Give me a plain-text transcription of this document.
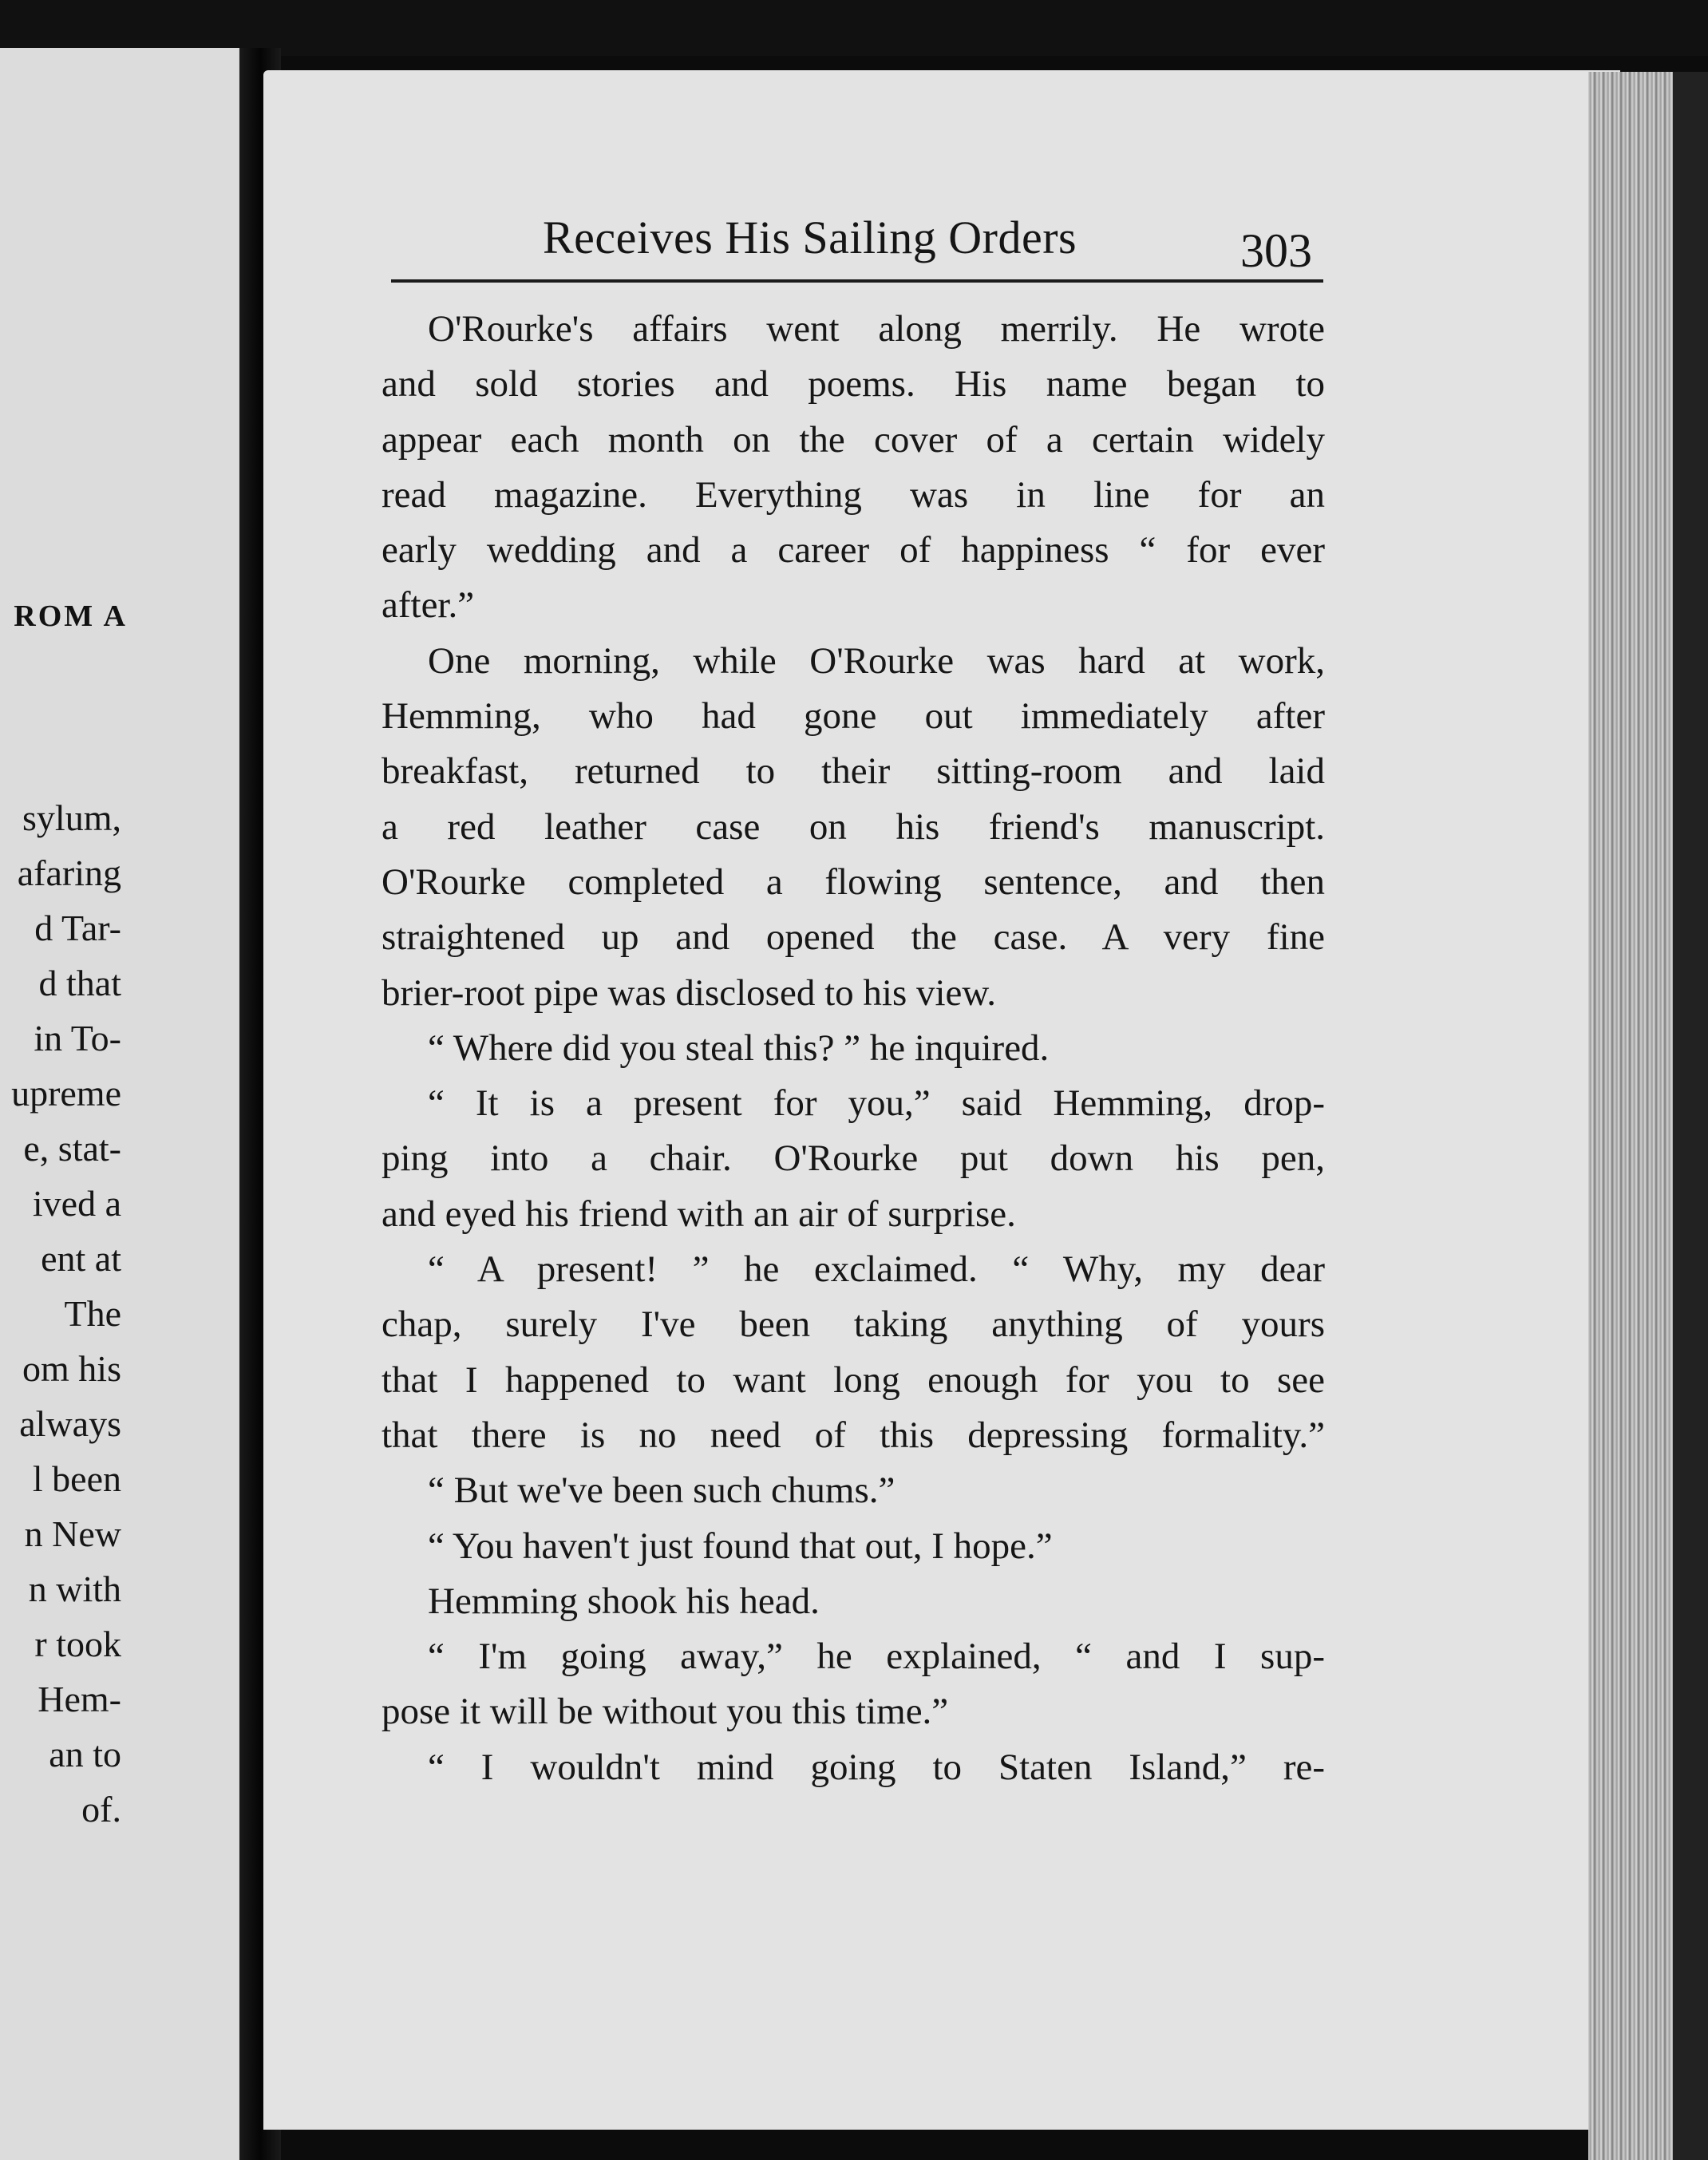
ROM A
sylum,
afaring
d Tar-
d that
in To-
upreme
e, stat-
ived a
ent at
The
om his
always
l been
n New
n with
r took
Hem-
an to
of.
Receives His Sailing Orders	303
O'Rourke's affairs went along merrily. He wrote
and sold stories and poems. His name began to
appear each month on the cover of a certain widely
read magazine. Everything was in line for an
early wedding and a career of happiness “ for ever
after.”
One morning, while O'Rourke was hard at work,
Hemming, who had gone out immediately after
breakfast, returned to their sitting-room and laid
a red leather case on his friend's manuscript.
O'Rourke completed a flowing sentence, and then
straightened up and opened the case. A very fine
brier-root pipe was disclosed to his view.
“ Where did you steal this? ” he inquired.
“ It is a present for you,” said Hemming, drop-
ping into a chair. O'Rourke put down his pen,
and eyed his friend with an air of surprise.
“ A present! ” he exclaimed. “ Why, my dear
chap, surely I've been taking anything of yours
that I happened to want long enough for you to see
that there is no need of this depressing formality.”
“ But we've been such chums.”
“ You haven't just found that out, I hope.”
Hemming shook his head.
“ I'm going away,” he explained, “ and I sup-
pose it will be without you this time.”
“ I wouldn't mind going to Staten Island,” re-
